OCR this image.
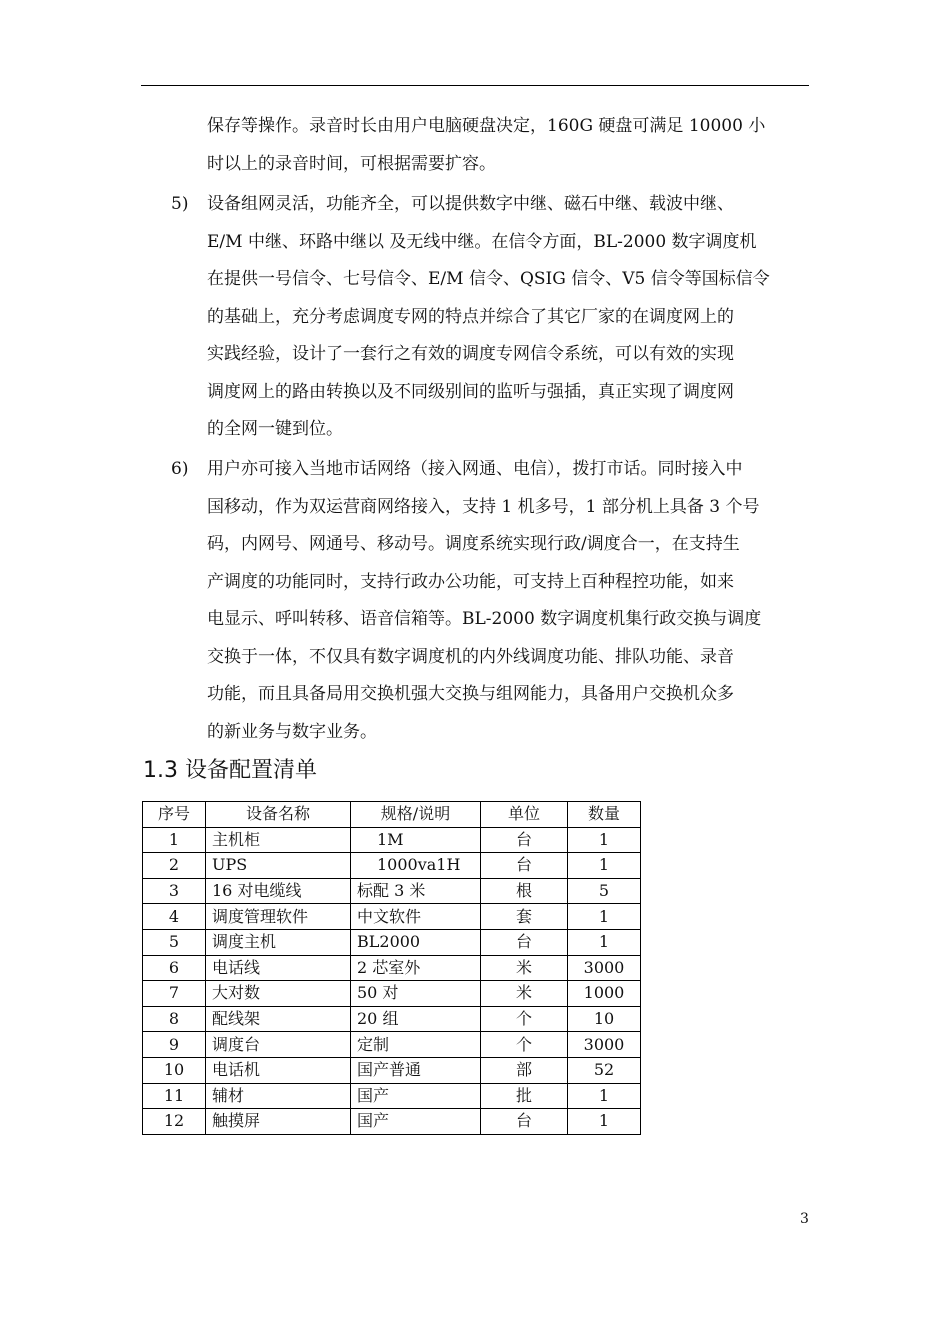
保存等操作。录音时长由用户电脑硬盘决定，160G 硬盘可满足 10000 小
时以上的录音时间，可根据需要扩容。
5) 设备组网灵活，功能齐全，可以提供数字中继、磁石中继、载波中继、
E/M 中继、环路中继以 及无线中继。在信令方面，BL-2000 数字调度机
在提供一号信令、七号信令、E/M 信令、QSIG 信令、V5 信令等国标信令
的基础上，充分考虑调度专网的特点并综合了其它厂家的在调度网上的
实践经验，设计了一套行之有效的调度专网信令系统，可以有效的实现
调度网上的路由转换以及不同级别间的监听与强插，真正实现了调度网
的全网一键到位。
6) 用户亦可接入当地市话网络（接入网通、电信），拨打市话。同时接入中
国移动，作为双运营商网络接入，支持 1 机多号，1 部分机上具备 3 个号
码，内网号、网通号、移动号。调度系统实现行政/调度合一，在支持生
产调度的功能同时，支持行政办公功能，可支持上百种程控功能，如来
电显示、呼叫转移、语音信箱等。BL-2000 数字调度机集行政交换与调度
交换于一体，不仅具有数字调度机的内外线调度功能、排队功能、录音
功能，而且具备局用交换机强大交换与组网能力，具备用户交换机众多
的新业务与数字业务。
1.3 设备配置清单
序号	设备名称	规格/说明	单位	数量
1	主机柜	1M	台	1
2	UPS	1000va1H	台	1
3	16 对电缆线	标配 3 米	根	5
4	调度管理软件	中文软件	套	1
5	调度主机	BL2000	台	1
6	电话线	2 芯室外	米	3000
7	大对数	50 对	米	1000
8	配线架	20 组	个	10
9	调度台	定制	个	3000
10	电话机	国产普通	部	52
11	辅材	国产	批	1
12	触摸屏	国产	台	1
3
